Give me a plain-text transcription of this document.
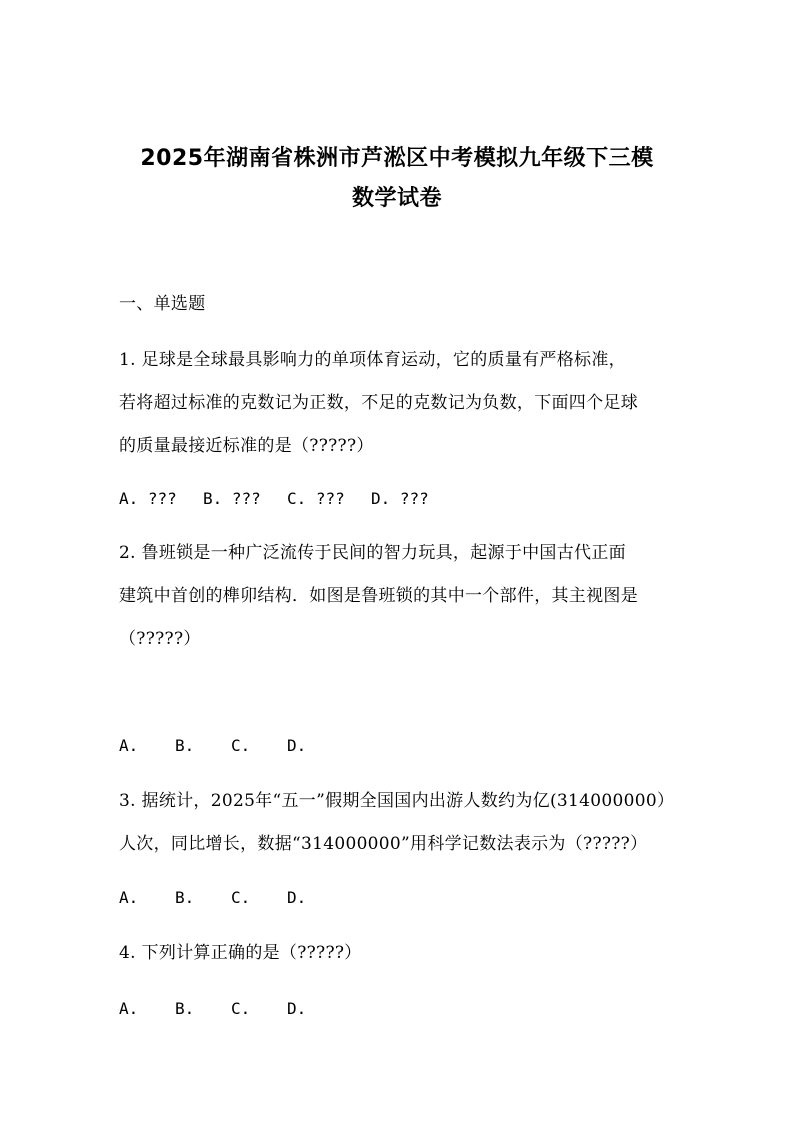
2025年湖南省株洲市芦淞区中考模拟九年级下三模
数学试卷
一、单选题
1. 足球是全球最具影响力的单项体育运动，它的质量有严格标准，
若将超过标准的克数记为正数，不足的克数记为负数，下面四个足球
的质量最接近标准的是（?????）
A. ??? B. ??? C. ??? D. ???
2. 鲁班锁是一种广泛流传于民间的智力玩具，起源于中国古代正面
建筑中首创的榫卯结构．如图是鲁班锁的其中一个部件，其主视图是
（?????）
A. B. C. D.
3. 据统计，2025年“五一”假期全国国内出游人数约为亿(314000000）
人次，同比增长，数据“314000000”用科学记数法表示为（?????）
A. B. C. D.
4. 下列计算正确的是（?????）
A. B. C. D.
